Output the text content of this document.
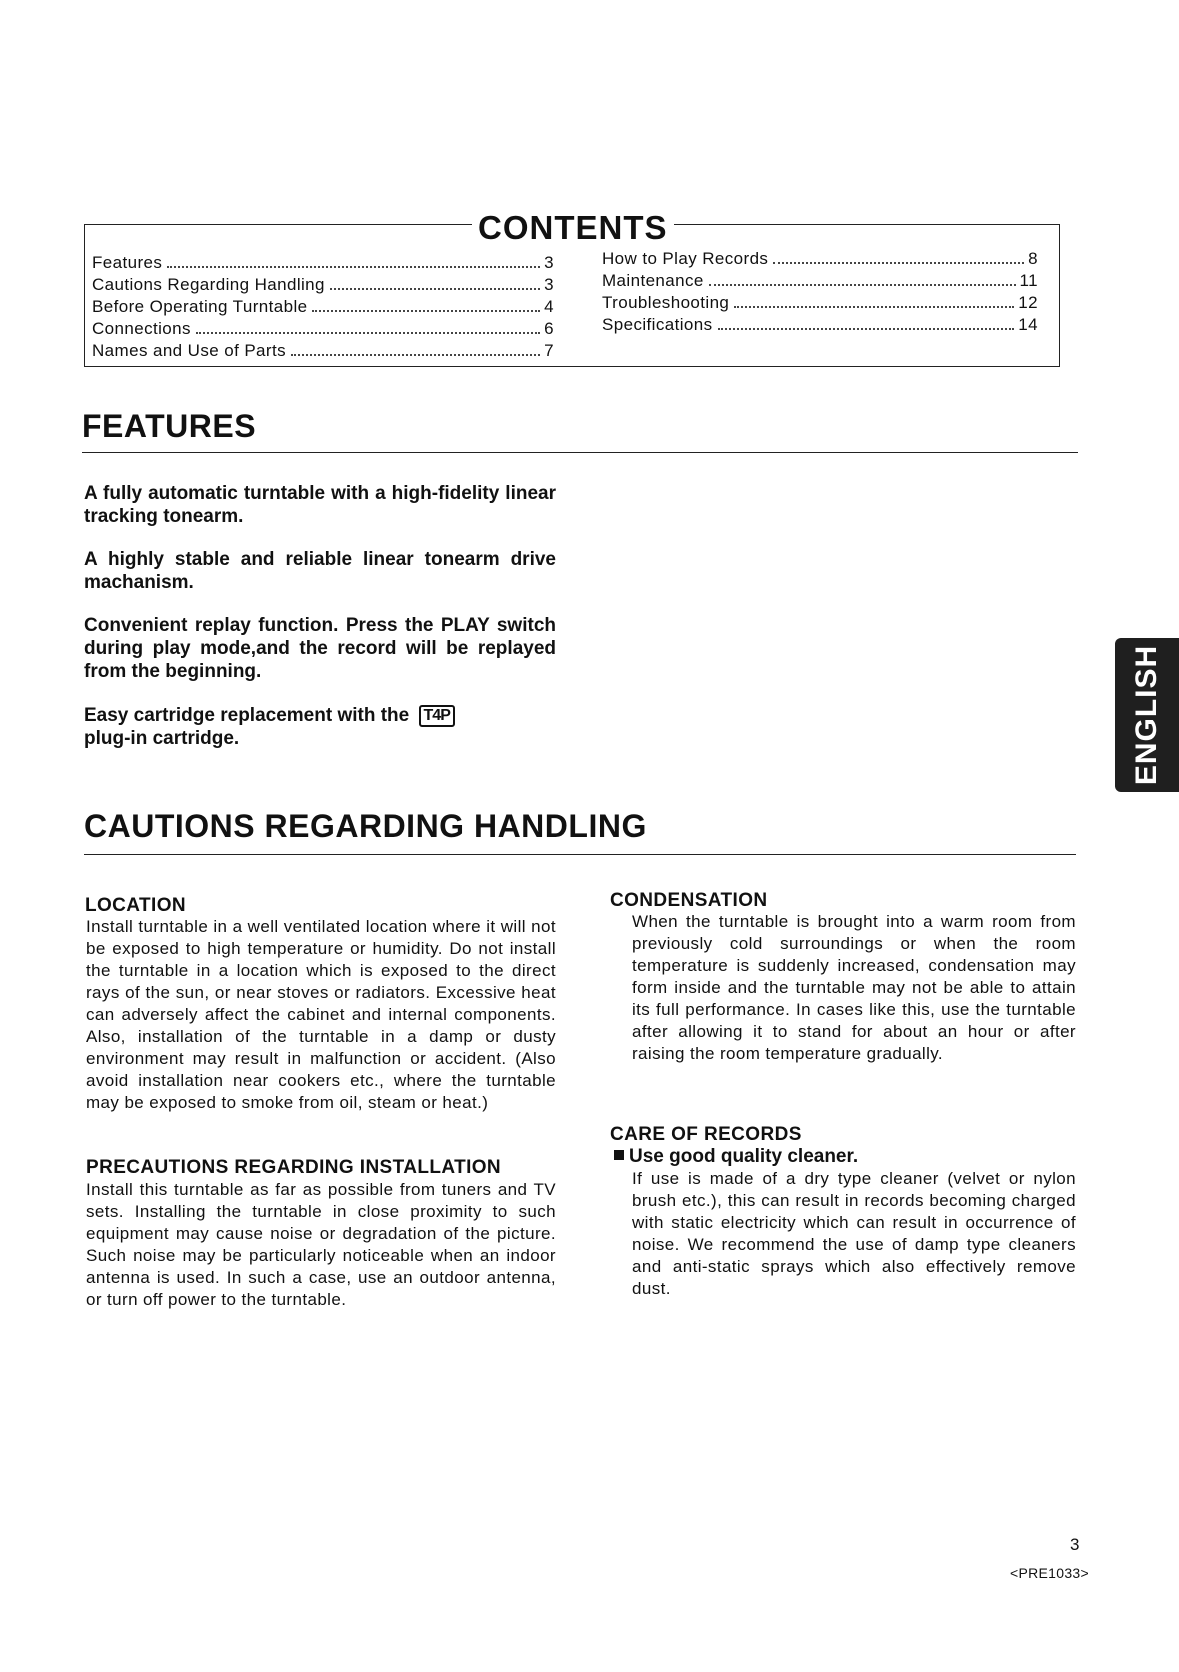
CONTENTS
Features	3
Cautions Regarding Handling	3
Before Operating Turntable	4
Connections	6
Names and Use of Parts	7
How to Play Records	8
Maintenance	11
Troubleshooting	12
Specifications	14
FEATURES

A fully automatic turntable with a high-fidelity linear tracking tonearm.

A highly stable and reliable linear tonearm drive machanism.

Convenient replay function. Press the PLAY switch during play mode,and the record will be replayed from the beginning.

Easy cartridge replacement with the T4P
plug-in cartridge.	ENGLISH
CAUTIONS REGARDING HANDLING
LOCATION

Install turntable in a well ventilated location where it will not be exposed to high temperature or humidity. Do not install the turntable in a location which is exposed to the direct rays of the sun, or near stoves or radiators. Excessive heat can adversely affect the cabinet and internal components. Also, installation of the turntable in a damp or dusty environment may result in malfunction or accident. (Also avoid installation near cookers etc., where the turntable may be exposed to smoke from oil, steam or heat.)

PRECAUTIONS REGARDING INSTALLATION

Install this turntable as far as possible from tuners and TV sets. Installing the turntable in close proximity to such equipment may cause noise or degradation of the picture. Such noise may be particularly noticeable when an indoor antenna is used. In such a case, use an outdoor antenna, or turn off power to the turntable.

CONDENSATION

When the turntable is brought into a warm room from previously cold surroundings or when the room temperature is suddenly increased, condensation may form inside and the turntable may not be able to attain its full performance. In cases like this, use the turntable after allowing it to stand for about an hour or after raising the room temperature gradually.

CARE OF RECORDS

Use good quality cleaner.

If use is made of a dry type cleaner (velvet or nylon brush etc.), this can result in records becoming charged with static electricity which can result in occurrence of noise. We recommend the use of damp type cleaners and anti-static sprays which also effectively remove dust.

3
<PRE1033>
